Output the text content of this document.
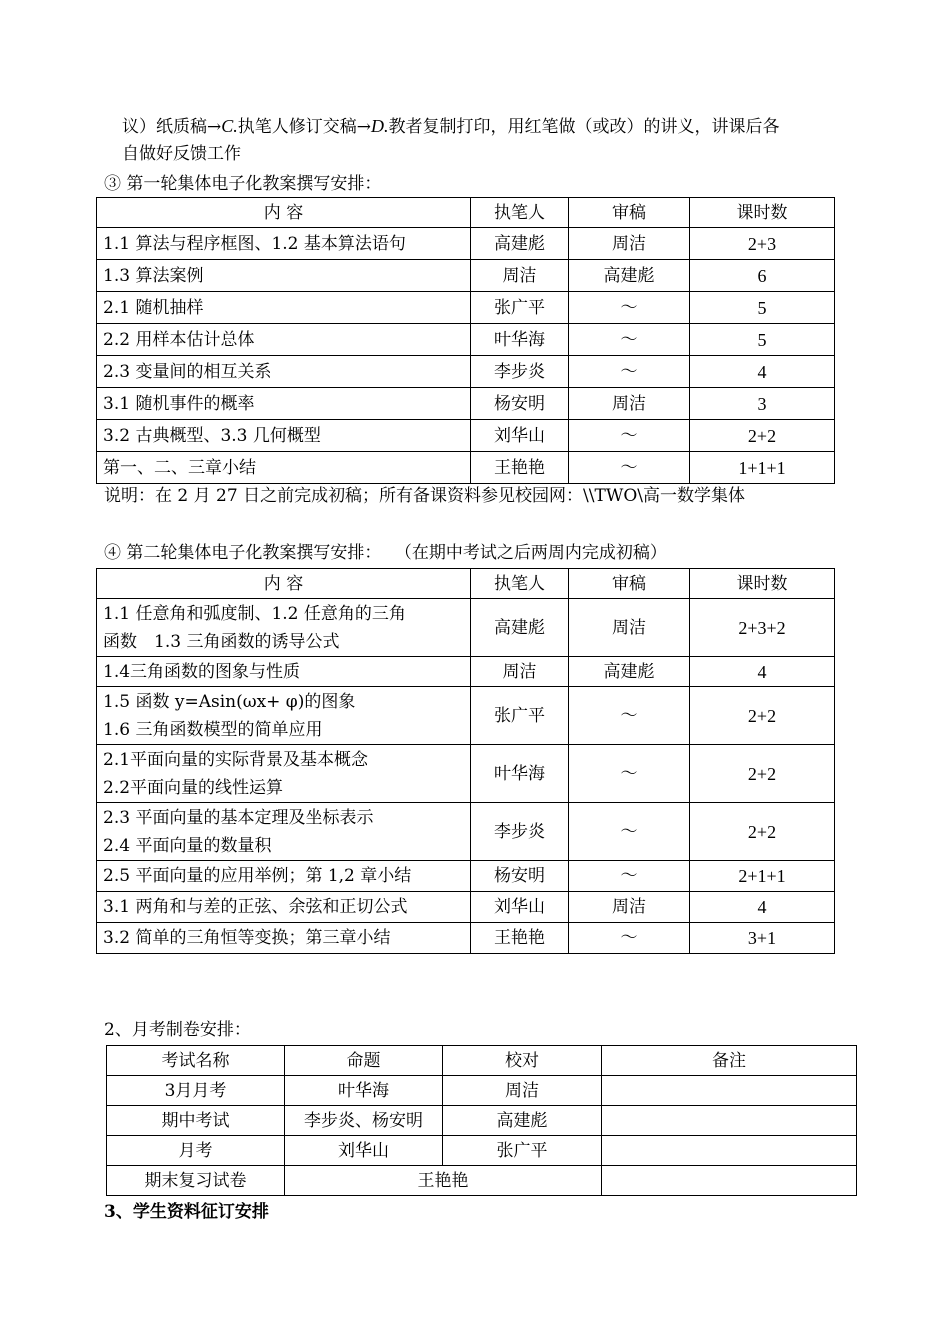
议）纸质稿→C.执笔人修订交稿→D.教者复制打印，用红笔做（或改）的讲义，讲课后各
自做好反馈工作
③ 第一轮集体电子化教案撰写安排：
内 容	执笔人	审稿	课时数
1.1 算法与程序框图、1.2 基本算法语句	高建彪	周洁	2+3
1.3 算法案例	周洁	高建彪	6
2.1 随机抽样	张广平	～	5
2.2 用样本估计总体	叶华海	～	5
2.3 变量间的相互关系	李步炎	～	4
3.1 随机事件的概率	杨安明	周洁	3
3.2 古典概型、3.3 几何概型	刘华山	～	2+2
第一、二、三章小结	王艳艳	～	1+1+1
说明：在 2 月 27 日之前完成初稿；所有备课资料参见校园网：\\TWO\高一数学集体
④ 第二轮集体电子化教案撰写安排： （在期中考试之后两周内完成初稿）
内 容	执笔人	审稿	课时数

1.1 任意角和弧度制、1.2 任意角的三角
函数　1.3 三角函数的诱导公式	高建彪	周洁	2+3+2
1.4三角函数的图象与性质	周洁	高建彪	4

1.5 函数 y=Asin(ωx+ φ)的图象
1.6 三角函数模型的简单应用	张广平	～	2+2

2.1平面向量的实际背景及基本概念
2.2平面向量的线性运算	叶华海	～	2+2

2.3 平面向量的基本定理及坐标表示
2.4 平面向量的数量积	李步炎	～	2+2
2.5 平面向量的应用举例；第 1,2 章小结	杨安明	～	2+1+1
3.1 两角和与差的正弦、余弦和正切公式	刘华山	周洁	4
3.2 简单的三角恒等变换；第三章小结	王艳艳	～	3+1
2、月考制卷安排：
考试名称	命题	校对	备注
3月月考	叶华海	周洁	
期中考试	李步炎、杨安明	高建彪	
月考	刘华山	张广平	
期末复习试卷	王艳艳		
3、学生资料征订安排
